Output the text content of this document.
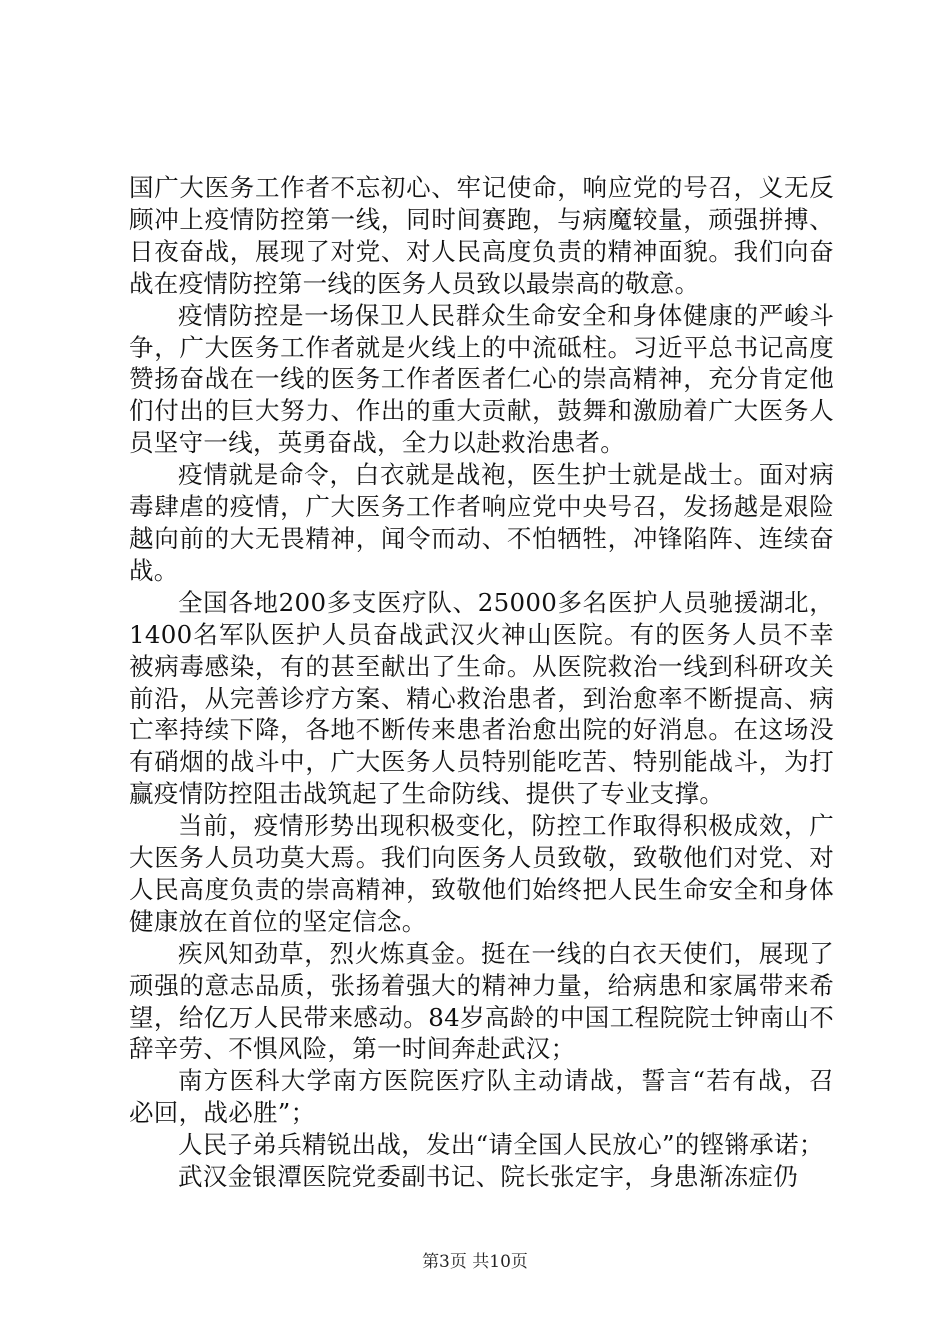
国广大医务工作者不忘初心、牢记使命，响应党的号召，义无反顾冲上疫情防控第一线，同时间赛跑，与病魔较量，顽强拼搏、日夜奋战，展现了对党、对人民高度负责的精神面貌。我们向奋战在疫情防控第一线的医务人员致以最崇高的敬意。

疫情防控是一场保卫人民群众生命安全和身体健康的严峻斗争，广大医务工作者就是火线上的中流砥柱。习近平总书记高度赞扬奋战在一线的医务工作者医者仁心的崇高精神，充分肯定他们付出的巨大努力、作出的重大贡献，鼓舞和激励着广大医务人员坚守一线，英勇奋战，全力以赴救治患者。

疫情就是命令，白衣就是战袍，医生护士就是战士。面对病毒肆虐的疫情，广大医务工作者响应党中央号召，发扬越是艰险越向前的大无畏精神，闻令而动、不怕牺牲，冲锋陷阵、连续奋战。

全国各地200多支医疗队、25000多名医护人员驰援湖北，1400名军队医护人员奋战武汉火神山医院。有的医务人员不幸被病毒感染，有的甚至献出了生命。从医院救治一线到科研攻关前沿，从完善诊疗方案、精心救治患者，到治愈率不断提高、病亡率持续下降，各地不断传来患者治愈出院的好消息。在这场没有硝烟的战斗中，广大医务人员特别能吃苦、特别能战斗，为打赢疫情防控阻击战筑起了生命防线、提供了专业支撑。

当前，疫情形势出现积极变化，防控工作取得积极成效，广大医务人员功莫大焉。我们向医务人员致敬，致敬他们对党、对人民高度负责的崇高精神，致敬他们始终把人民生命安全和身体健康放在首位的坚定信念。

疾风知劲草，烈火炼真金。挺在一线的白衣天使们，展现了顽强的意志品质，张扬着强大的精神力量，给病患和家属带来希望，给亿万人民带来感动。84岁高龄的中国工程院院士钟南山不辞辛劳、不惧风险，第一时间奔赴武汉；

南方医科大学南方医院医疗队主动请战，誓言“若有战，召必回，战必胜”；

人民子弟兵精锐出战，发出“请全国人民放心”的铿锵承诺；

武汉金银潭医院党委副书记、院长张定宇，身患渐冻症仍

第3页 共10页
